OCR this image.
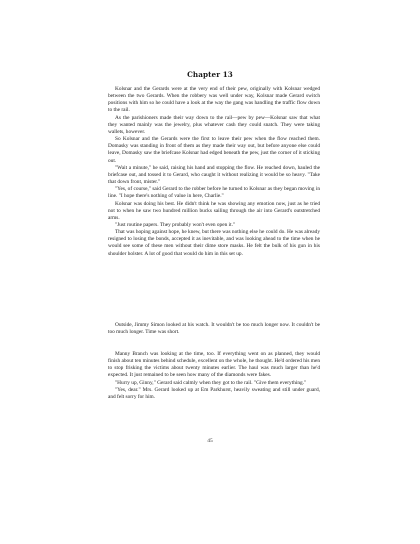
Chapter 13

Kolsnar and the Gerards were at the very end of their pew, originally with Kolsnar wedged between the two Gerards. When the robbery was well under way, Kolsnar made Gerard switch positions with him so he could have a look at the way the gang was handling the traffic flow down to the rail.

As the parishioners made their way down to the rail—pew by pew—Kolsnar saw that what they wanted mainly was the jewelry, plus whatever cash they could snatch. They were taking wallets, however.

So Kolsnar and the Gerards were the first to leave their pew when the flow reached them. Domasky was standing in front of them as they made their way out, but before anyone else could leave, Domasky saw the briefcase Kolsnar had edged beneath the pew, just the corner of it sticking out.

"Wait a minute," he said, raising his hand and stopping the flow. He reached down, hauled the briefcase out, and tossed it to Gerard, who caught it without realizing it would be so heavy. "Take that down front, mister."

"Yes, of course," said Gerard to the robber before he turned to Kolsnar as they began moving in line. "I hope there's nothing of value in here, Charlie."

Kolsnar was doing his best. He didn't think he was showing any emotion now, just as he tried not to when he saw two hundred million bucks sailing through the air into Gerard's outstretched arms.

"Just routine papers. They probably won't even open it."

That was hoping against hope, he knew, but there was nothing else he could do. He was already resigned to losing the bonds, accepted it as inevitable, and was looking ahead to the time when he would see some of these men without their dime store masks. He felt the bulk of his gun in his shoulder holster. A lot of good that would do him in this set up.

Outside, Jimmy Simon looked at his watch. It wouldn't be too much longer now. It couldn't be too much longer. Time was short.

Manny Branch was looking at the time, too. If everything went on as planned, they would finish about ten minutes behind schedule, excellent on the whole, he thought. He'd ordered his men to stop frisking the victims about twenty minutes earlier. The haul was much larger than he'd expected. It just remained to be seen how many of the diamonds were fakes.

"Hurry up, Ginny," Gerard said calmly when they got to the rail. "Give them everything."

"Yes, dear." Mrs. Gerard looked up at Em Parkhurst, heavily sweating and still under guard, and felt sorry for him.

45
